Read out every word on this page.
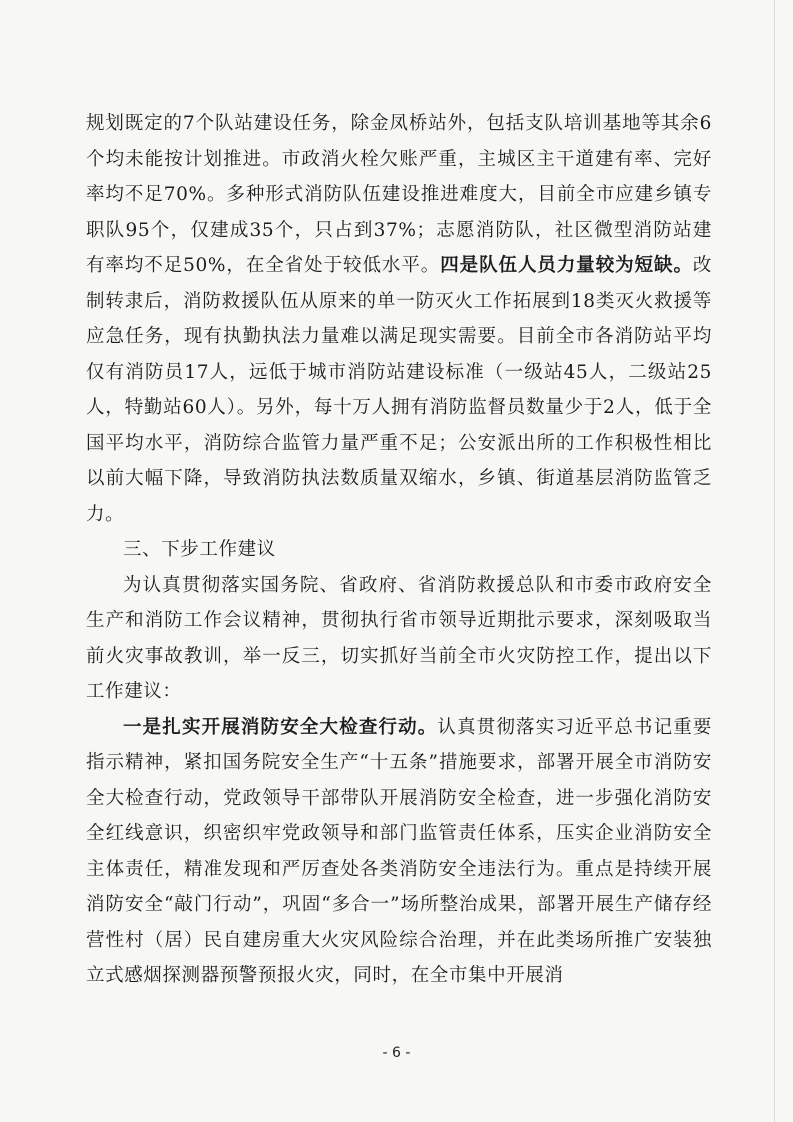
规划既定的7个队站建设任务，除金凤桥站外，包括支队培训基地等其余6个均未能按计划推进。市政消火栓欠账严重，主城区主干道建有率、完好率均不足70%。多种形式消防队伍建设推进难度大，目前全市应建乡镇专职队95个，仅建成35个，只占到37%；志愿消防队，社区微型消防站建有率均不足50%，在全省处于较低水平。四是队伍人员力量较为短缺。改制转隶后，消防救援队伍从原来的单一防灭火工作拓展到18类灭火救援等应急任务，现有执勤执法力量难以满足现实需要。目前全市各消防站平均仅有消防员17人，远低于城市消防站建设标准（一级站45人，二级站25人，特勤站60人）。另外，每十万人拥有消防监督员数量少于2人，低于全国平均水平，消防综合监管力量严重不足；公安派出所的工作积极性相比以前大幅下降，导致消防执法数质量双缩水，乡镇、街道基层消防监管乏力。

三、下步工作建议

为认真贯彻落实国务院、省政府、省消防救援总队和市委市政府安全生产和消防工作会议精神，贯彻执行省市领导近期批示要求，深刻吸取当前火灾事故教训，举一反三，切实抓好当前全市火灾防控工作，提出以下工作建议：

一是扎实开展消防安全大检查行动。认真贯彻落实习近平总书记重要指示精神，紧扣国务院安全生产“十五条”措施要求，部署开展全市消防安全大检查行动，党政领导干部带队开展消防安全检查，进一步强化消防安全红线意识，织密织牢党政领导和部门监管责任体系，压实企业消防安全主体责任，精准发现和严厉查处各类消防安全违法行为。重点是持续开展消防安全“敲门行动”，巩固“多合一”场所整治成果，部署开展生产储存经营性村（居）民自建房重大火灾风险综合治理，并在此类场所推广安装独立式感烟探测器预警预报火灾，同时，在全市集中开展消

- 6 -
